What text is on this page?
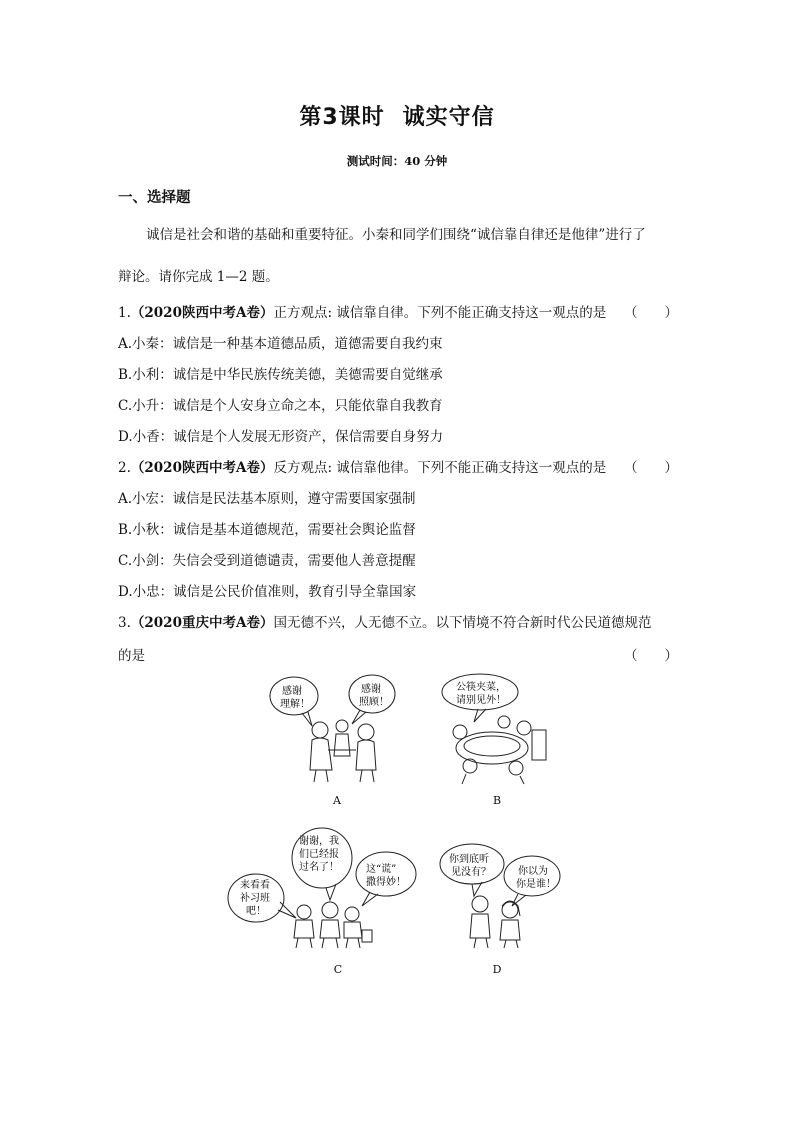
第3课时 诚实守信
测试时间：40 分钟
一、选择题
诚信是社会和谐的基础和重要特征。小秦和同学们围绕“诚信靠自律还是他律”进行了
辩论。请你完成 1—2 题。
1.（2020陕西中考A卷）正方观点: 诚信靠自律。下列不能正确支持这一观点的是 （　　）
A.小秦：诚信是一种基本道德品质，道德需要自我约束
B.小利：诚信是中华民族传统美德，美德需要自觉继承
C.小升：诚信是个人安身立命之本，只能依靠自我教育
D.小香：诚信是个人发展无形资产，保信需要自身努力
2.（2020陕西中考A卷）反方观点: 诚信靠他律。下列不能正确支持这一观点的是 （　　）
A.小宏：诚信是民法基本原则，遵守需要国家强制
B.小秋：诚信是基本道德规范，需要社会舆论监督
C.小剑：失信会受到道德谴责，需要他人善意提醒
D.小忠：诚信是公民价值准则，教育引导全靠国家
3.（2020重庆中考A卷）国无德不兴，人无德不立。以下情境不符合新时代公民道德规范
的是	（　　）
感谢
理解！
感谢
照顾！
A
公筷夹菜，
请别见外！
B
谢谢，我
们已经报
过名了！
来看看
补习班
吧！
这“谎”
撒得妙！
C
你到底听
见没有？	你以为
你是谁！
D
